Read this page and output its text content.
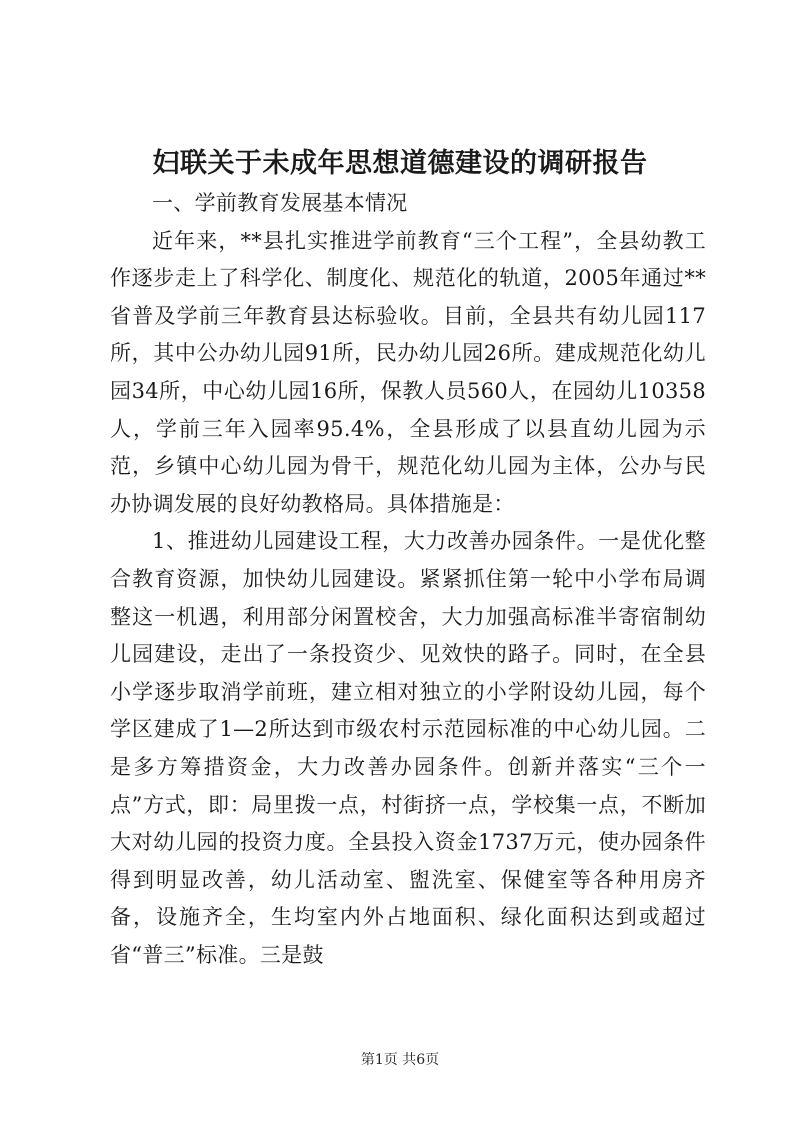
妇联关于未成年思想道德建设的调研报告

一、学前教育发展基本情况

近年来，**县扎实推进学前教育“三个工程”，全县幼教工作逐步走上了科学化、制度化、规范化的轨道，2005年通过**省普及学前三年教育县达标验收。目前，全县共有幼儿园117所，其中公办幼儿园91所，民办幼儿园26所。建成规范化幼儿园34所，中心幼儿园16所，保教人员560人，在园幼儿10358人，学前三年入园率95.4%，全县形成了以县直幼儿园为示范，乡镇中心幼儿园为骨干，规范化幼儿园为主体，公办与民办协调发展的良好幼教格局。具体措施是：

1、推进幼儿园建设工程，大力改善办园条件。一是优化整合教育资源，加快幼儿园建设。紧紧抓住第一轮中小学布局调整这一机遇，利用部分闲置校舍，大力加强高标准半寄宿制幼儿园建设，走出了一条投资少、见效快的路子。同时，在全县小学逐步取消学前班，建立相对独立的小学附设幼儿园，每个学区建成了1—2所达到市级农村示范园标准的中心幼儿园。二是多方筹措资金，大力改善办园条件。创新并落实“三个一点”方式，即：局里拨一点，村街挤一点，学校集一点，不断加大对幼儿园的投资力度。全县投入资金1737万元，使办园条件得到明显改善，幼儿活动室、盥洗室、保健室等各种用房齐备，设施齐全，生均室内外占地面积、绿化面积达到或超过省“普三”标准。三是鼓

第1页 共6页
